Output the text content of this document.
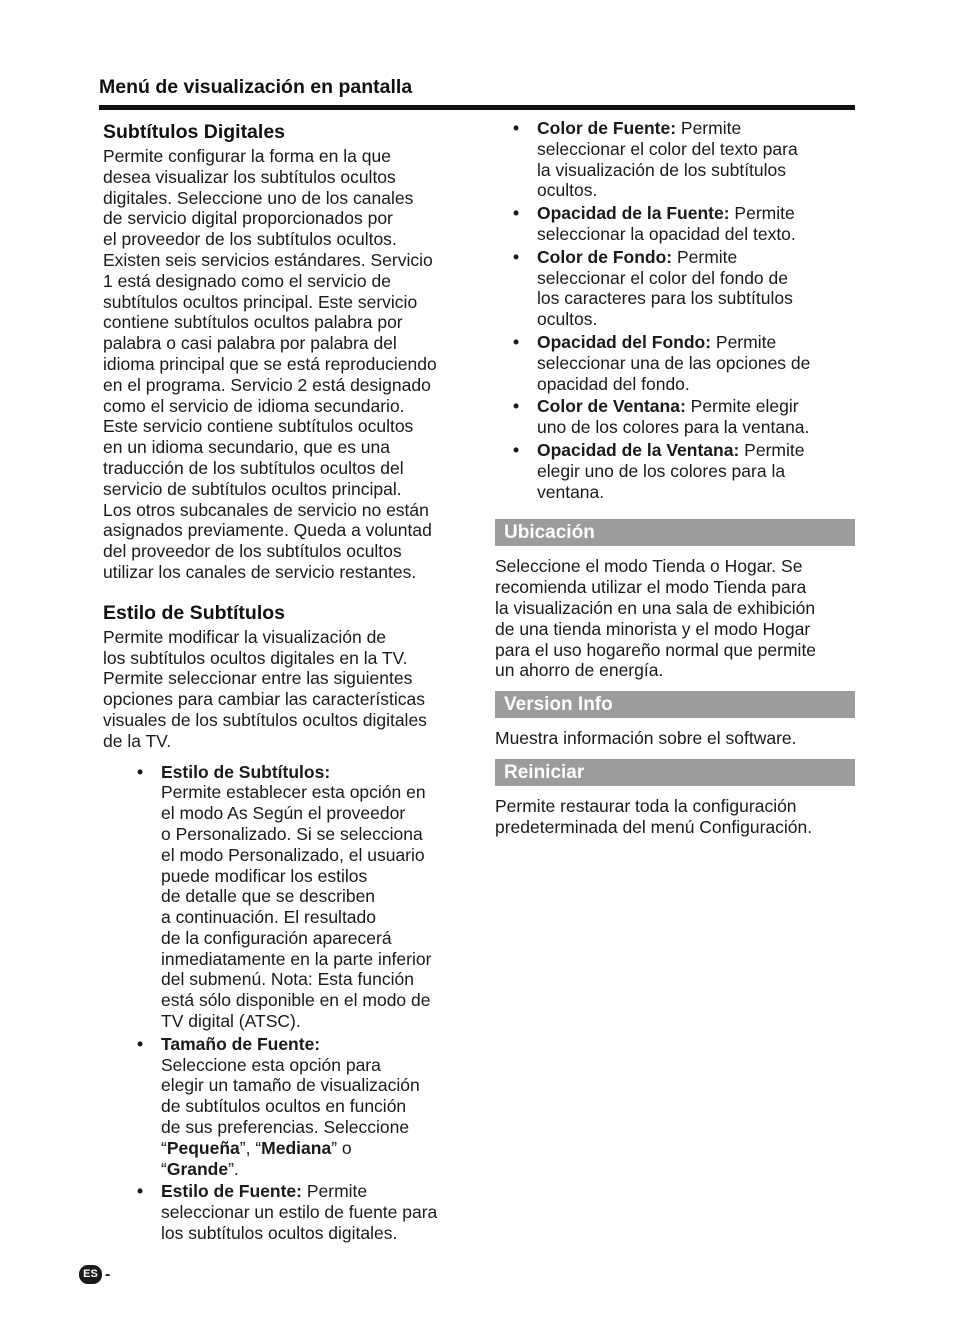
Menú de visualización en pantalla
Subtítulos Digitales

Permite configurar la forma en la que
desea visualizar los subtítulos ocultos
digitales. Seleccione uno de los canales
de servicio digital proporcionados por
el proveedor de los subtítulos ocultos.
Existen seis servicios estándares. Servicio
1 está designado como el servicio de
subtítulos ocultos principal. Este servicio
contiene subtítulos ocultos palabra por
palabra o casi palabra por palabra del
idioma principal que se está reproduciendo
en el programa. Servicio 2 está designado
como el servicio de idioma secundario.
Este servicio contiene subtítulos ocultos
en un idioma secundario, que es una
traducción de los subtítulos ocultos del
servicio de subtítulos ocultos principal.
Los otros subcanales de servicio no están
asignados previamente. Queda a voluntad
del proveedor de los subtítulos ocultos
utilizar los canales de servicio restantes.

Estilo de Subtítulos

Permite modificar la visualización de
los subtítulos ocultos digitales en la TV.
Permite seleccionar entre las siguientes
opciones para cambiar las características
visuales de los subtítulos ocultos digitales
de la TV.

• Estilo de Subtítulos:
Permite establecer esta opción en
el modo As Según el proveedor
o Personalizado. Si se selecciona
el modo Personalizado, el usuario
puede modificar los estilos
de detalle que se describen
a continuación. El resultado
de la configuración aparecerá
inmediatamente en la parte inferior
del submenú. Nota: Esta función
está sólo disponible en el modo de
TV digital (ATSC).
• Tamaño de Fuente:
Seleccione esta opción para
elegir un tamaño de visualización
de subtítulos ocultos en función
de sus preferencias. Seleccione
“Pequeña”, “Mediana” o
“Grande”.
• Estilo de Fuente: Permite
seleccionar un estilo de fuente para
los subtítulos ocultos digitales.
• Color de Fuente: Permite
seleccionar el color del texto para
la visualización de los subtítulos
ocultos.
• Opacidad de la Fuente: Permite
seleccionar la opacidad del texto.
• Color de Fondo: Permite
seleccionar el color del fondo de
los caracteres para los subtítulos
ocultos.
• Opacidad del Fondo: Permite
seleccionar una de las opciones de
opacidad del fondo.
• Color de Ventana: Permite elegir
uno de los colores para la ventana.
• Opacidad de la Ventana: Permite
elegir uno de los colores para la
ventana.
Ubicación

Seleccione el modo Tienda o Hogar. Se
recomienda utilizar el modo Tienda para
la visualización en una sala de exhibición
de una tienda minorista y el modo Hogar
para el uso hogareño normal que permite
un ahorro de energía.

Version Info

Muestra información sobre el software.

Reiniciar

Permite restaurar toda la configuración
predeterminada del menú Configuración.

ES -
